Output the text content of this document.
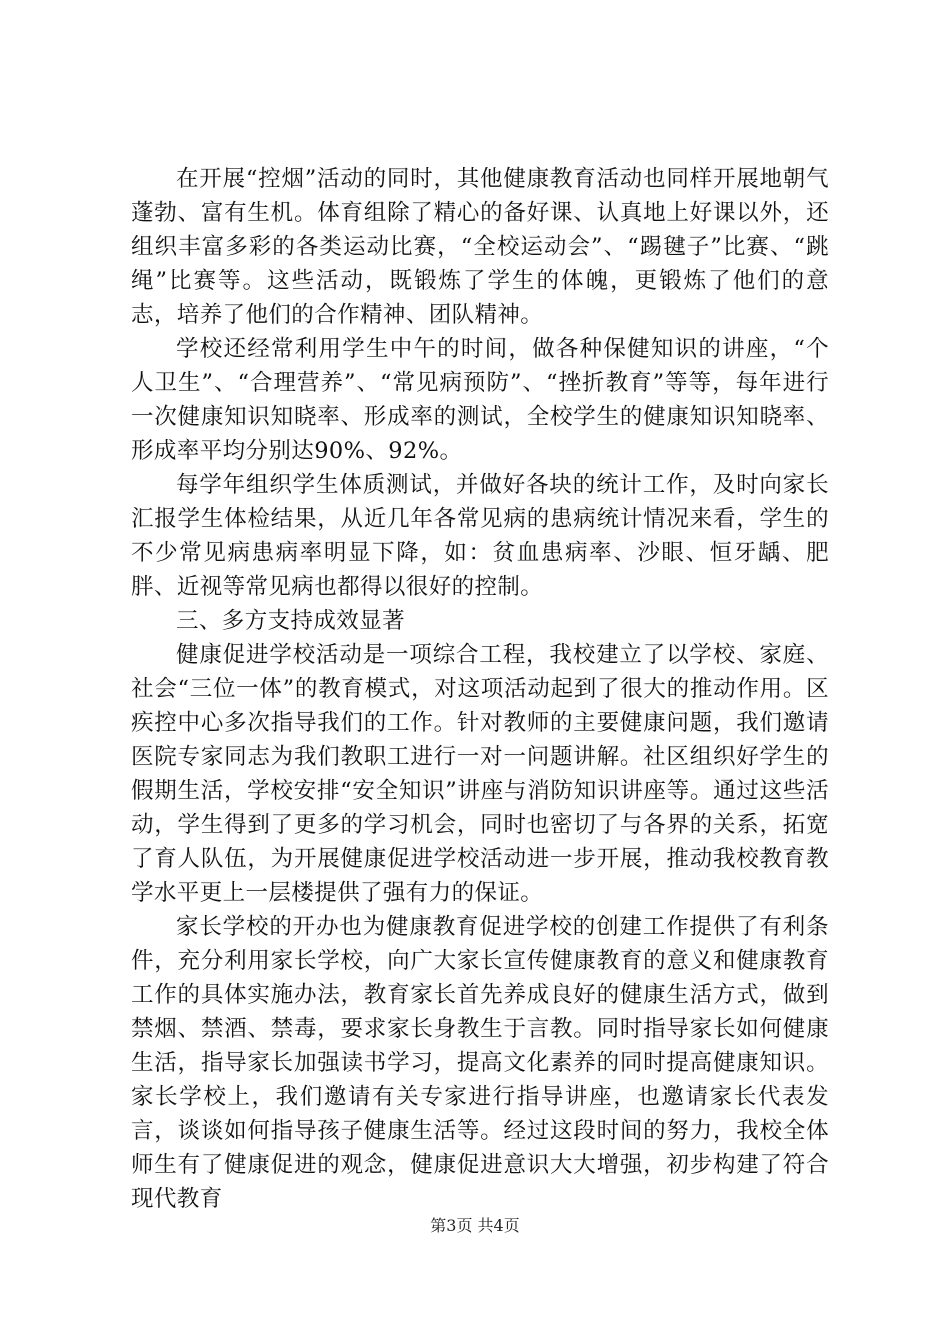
在开展“控烟”活动的同时，其他健康教育活动也同样开展地朝气蓬勃、富有生机。体育组除了精心的备好课、认真地上好课以外，还组织丰富多彩的各类运动比赛，“全校运动会”、“踢毽子”比赛、“跳绳”比赛等。这些活动，既锻炼了学生的体魄，更锻炼了他们的意志，培养了他们的合作精神、团队精神。

学校还经常利用学生中午的时间，做各种保健知识的讲座，“个人卫生”、“合理营养”、“常见病预防”、“挫折教育”等等，每年进行一次健康知识知晓率、形成率的测试，全校学生的健康知识知晓率、形成率平均分别达90%、92%。

每学年组织学生体质测试，并做好各块的统计工作，及时向家长汇报学生体检结果，从近几年各常见病的患病统计情况来看，学生的不少常见病患病率明显下降，如：贫血患病率、沙眼、恒牙龋、肥胖、近视等常见病也都得以很好的控制。

三、多方支持成效显著

健康促进学校活动是一项综合工程，我校建立了以学校、家庭、社会“三位一体”的教育模式，对这项活动起到了很大的推动作用。区疾控中心多次指导我们的工作。针对教师的主要健康问题，我们邀请医院专家同志为我们教职工进行一对一问题讲解。社区组织好学生的假期生活，学校安排“安全知识”讲座与消防知识讲座等。通过这些活动，学生得到了更多的学习机会，同时也密切了与各界的关系，拓宽了育人队伍，为开展健康促进学校活动进一步开展，推动我校教育教学水平更上一层楼提供了强有力的保证。

家长学校的开办也为健康教育促进学校的创建工作提供了有利条件，充分利用家长学校，向广大家长宣传健康教育的意义和健康教育工作的具体实施办法，教育家长首先养成良好的健康生活方式，做到禁烟、禁酒、禁毒，要求家长身教生于言教。同时指导家长如何健康生活，指导家长加强读书学习，提高文化素养的同时提高健康知识。家长学校上，我们邀请有关专家进行指导讲座，也邀请家长代表发言，谈谈如何指导孩子健康生活等。经过这段时间的努力，我校全体师生有了健康促进的观念，健康促进意识大大增强，初步构建了符合现代教育

第3页 共4页
